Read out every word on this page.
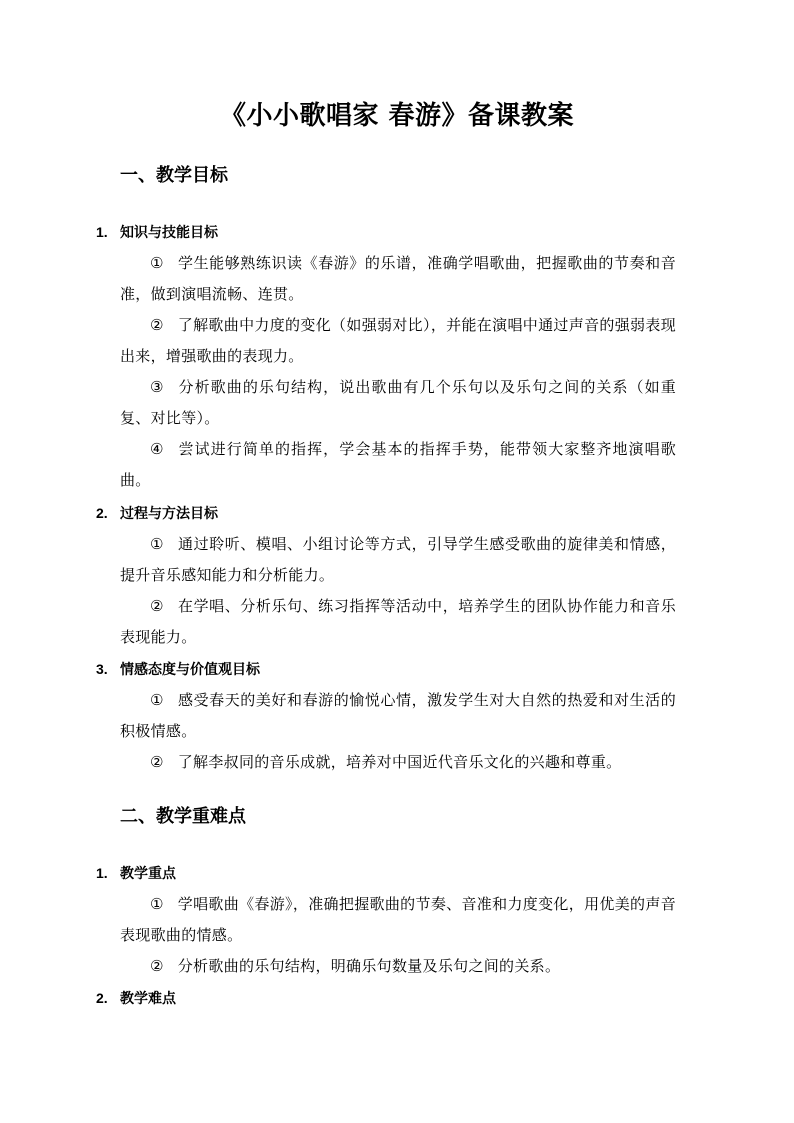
《小小歌唱家 春游》备课教案
一、教学目标
1. 知识与技能目标
① 学生能够熟练识读《春游》的乐谱，准确学唱歌曲，把握歌曲的节奏和音准，做到演唱流畅、连贯。
② 了解歌曲中力度的变化（如强弱对比），并能在演唱中通过声音的强弱表现出来，增强歌曲的表现力。
③ 分析歌曲的乐句结构，说出歌曲有几个乐句以及乐句之间的关系（如重复、对比等）。
④ 尝试进行简单的指挥，学会基本的指挥手势，能带领大家整齐地演唱歌曲。
2. 过程与方法目标
① 通过聆听、模唱、小组讨论等方式，引导学生感受歌曲的旋律美和情感，提升音乐感知能力和分析能力。
② 在学唱、分析乐句、练习指挥等活动中，培养学生的团队协作能力和音乐表现能力。
3. 情感态度与价值观目标
① 感受春天的美好和春游的愉悦心情，激发学生对大自然的热爱和对生活的积极情感。
② 了解李叔同的音乐成就，培养对中国近代音乐文化的兴趣和尊重。
二、教学重难点
1. 教学重点
① 学唱歌曲《春游》，准确把握歌曲的节奏、音准和力度变化，用优美的声音表现歌曲的情感。
② 分析歌曲的乐句结构，明确乐句数量及乐句之间的关系。
2. 教学难点
